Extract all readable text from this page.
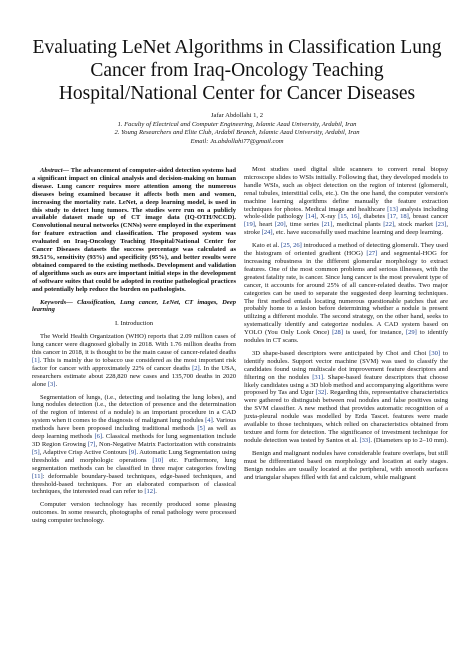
Evaluating LeNet Algorithms in Classification Lung Cancer from Iraq-Oncology Teaching Hospital/National Center for Cancer Diseases
Jafar Abdollahi 1, 2
1. Faculty of Electrical and Computer Engineering, Islamic Azad University, Ardabil, Iran
2. Young Researchers and Elite Club, Ardabil Branch, Islamic Azad University, Ardabil, Iran
Email: Ja.abdollahi77@gmail.com

Abstract— The advancement of computer-aided detection systems had a significant impact on clinical analysis and decision-making on human disease. Lung cancer requires more attention among the numerous diseases being examined because it affects both men and women, increasing the mortality rate. LeNet, a deep learning model, is used in this study to detect lung tumors. The studies were run on a publicly available dataset made up of CT image data (IQ-OTH/NCCD). Convolutional neural networks (CNNs) were employed in the experiment for feature extraction and classification. The proposed system was evaluated on Iraq-Oncology Teaching Hospital/National Center for Cancer Diseases datasets the success percentage was calculated as 99.51%, sensitivity (93%) and specificity (95%), and better results were obtained compared to the existing methods. Development and validation of algorithms such as ours are important initial steps in the development of software suites that could be adopted in routine pathological practices and potentially help reduce the burden on pathologists.

Keywords— Classification, Lung cancer, LeNet, CT images, Deep learning

I. Introduction

The World Health Organization (WHO) reports that 2.09 million cases of lung cancer were diagnosed globally in 2018. With 1.76 million deaths from this cancer in 2018, it is thought to be the main cause of cancer-related deaths [1]. This is mainly due to tobacco use considered as the most important risk factor for cancer with approximately 22% of cancer deaths [2]. In the USA, researchers estimate about 228,820 new cases and 135,700 deaths in 2020 alone [3].

Segmentation of lungs, (i.e., detecting and isolating the lung lobes), and lung nodules detection (i.e., the detection of presence and the determination of the region of interest of a nodule) is an important procedure in a CAD system when it comes to the diagnosis of malignant lung nodules [4]. Various methods have been proposed including traditional methods [5] as well as deep learning methods [6]. Classical methods for lung segmentation include 3D Region Growing [7], Non-Negative Matrix Factorization with constraints [5], Adaptive Crisp Active Contours [9]. Automatic Lung Segmentation using thresholds and morphologic operations [10] etc. Furthermore, lung segmentation methods can be classified in three major categories fowling [11]: deformable boundary-based techniques, edge-based techniques, and threshold-based techniques. For an elaborated comparison of classical techniques, the interested read can refer to [12].

Computer version technology has recently produced some pleasing outcomes. In some research, photographs of renal pathology were processed using computer technology.

Most studies used digital slide scanners to convert renal biopsy microscope slides to WSIs initially. Following that, they developed models to handle WSIs, such as object detection on the region of interest (glomeruli, renal tubules, interstitial cells, etc.). On the one hand, the computer version's machine learning algorithms define manually the feature extraction techniques for photos. Medical image and healthcare [13] analysis including whole-slide pathology [14], X-ray [15, 16], diabetes [17, 18], breast cancer [19], heart [20], time series [21], medicinal plants [22], stock market [23], stroke [24], etc. have successfully used machine learning and deep learning.

Kato et al. [25, 26] introduced a method of detecting glomeruli. They used the histogram of oriented gradient (HOG) [27] and segmental-HOG for increasing robustness in the different glomerular morphology to extract features. One of the most common problems and serious illnesses, with the greatest fatality rate, is cancer. Since lung cancer is the most prevalent type of cancer, it accounts for around 25% of all cancer-related deaths. Two major categories can be used to separate the suggested deep learning techniques. The first method entails locating numerous questionable patches that are probably home to a lesion before determining whether a nodule is present utilizing a different module. The second strategy, on the other hand, seeks to systematically identify and categorize nodules. A CAD system based on YOLO (You Only Look Once) [28] is used, for instance, [29] to identify nodules in CT scans.

3D shape-based descriptors were anticipated by Choi and Choi [30] to identify nodules. Support vector machine (SVM) was used to classify the candidates found using multiscale dot improvement feature descriptors and filtering on the nodules [31]. Shape-based feature descriptors that choose likely candidates using a 3D blob method and accompanying algorithms were proposed by Tas and Ugur [32]. Regarding this, representative characteristics were gathered to distinguish between real nodules and false positives using the SVM classifier. A new method that provides automatic recognition of a juxta-pleural nodule was modelled by Erda Tascet. features were made available to those techniques, which relied on characteristics obtained from texture and form for detection. The significance of investment technique for nodule detection was tested by Santos et al. [33]. (Diameters up to 2–10 mm).

Benign and malignant nodules have considerable feature overlaps, but still must be differentiated based on morphology and location at early stages. Benign nodules are usually located at the peripheral, with smooth surfaces and triangular shapes filled with fat and calcium, while malignant
